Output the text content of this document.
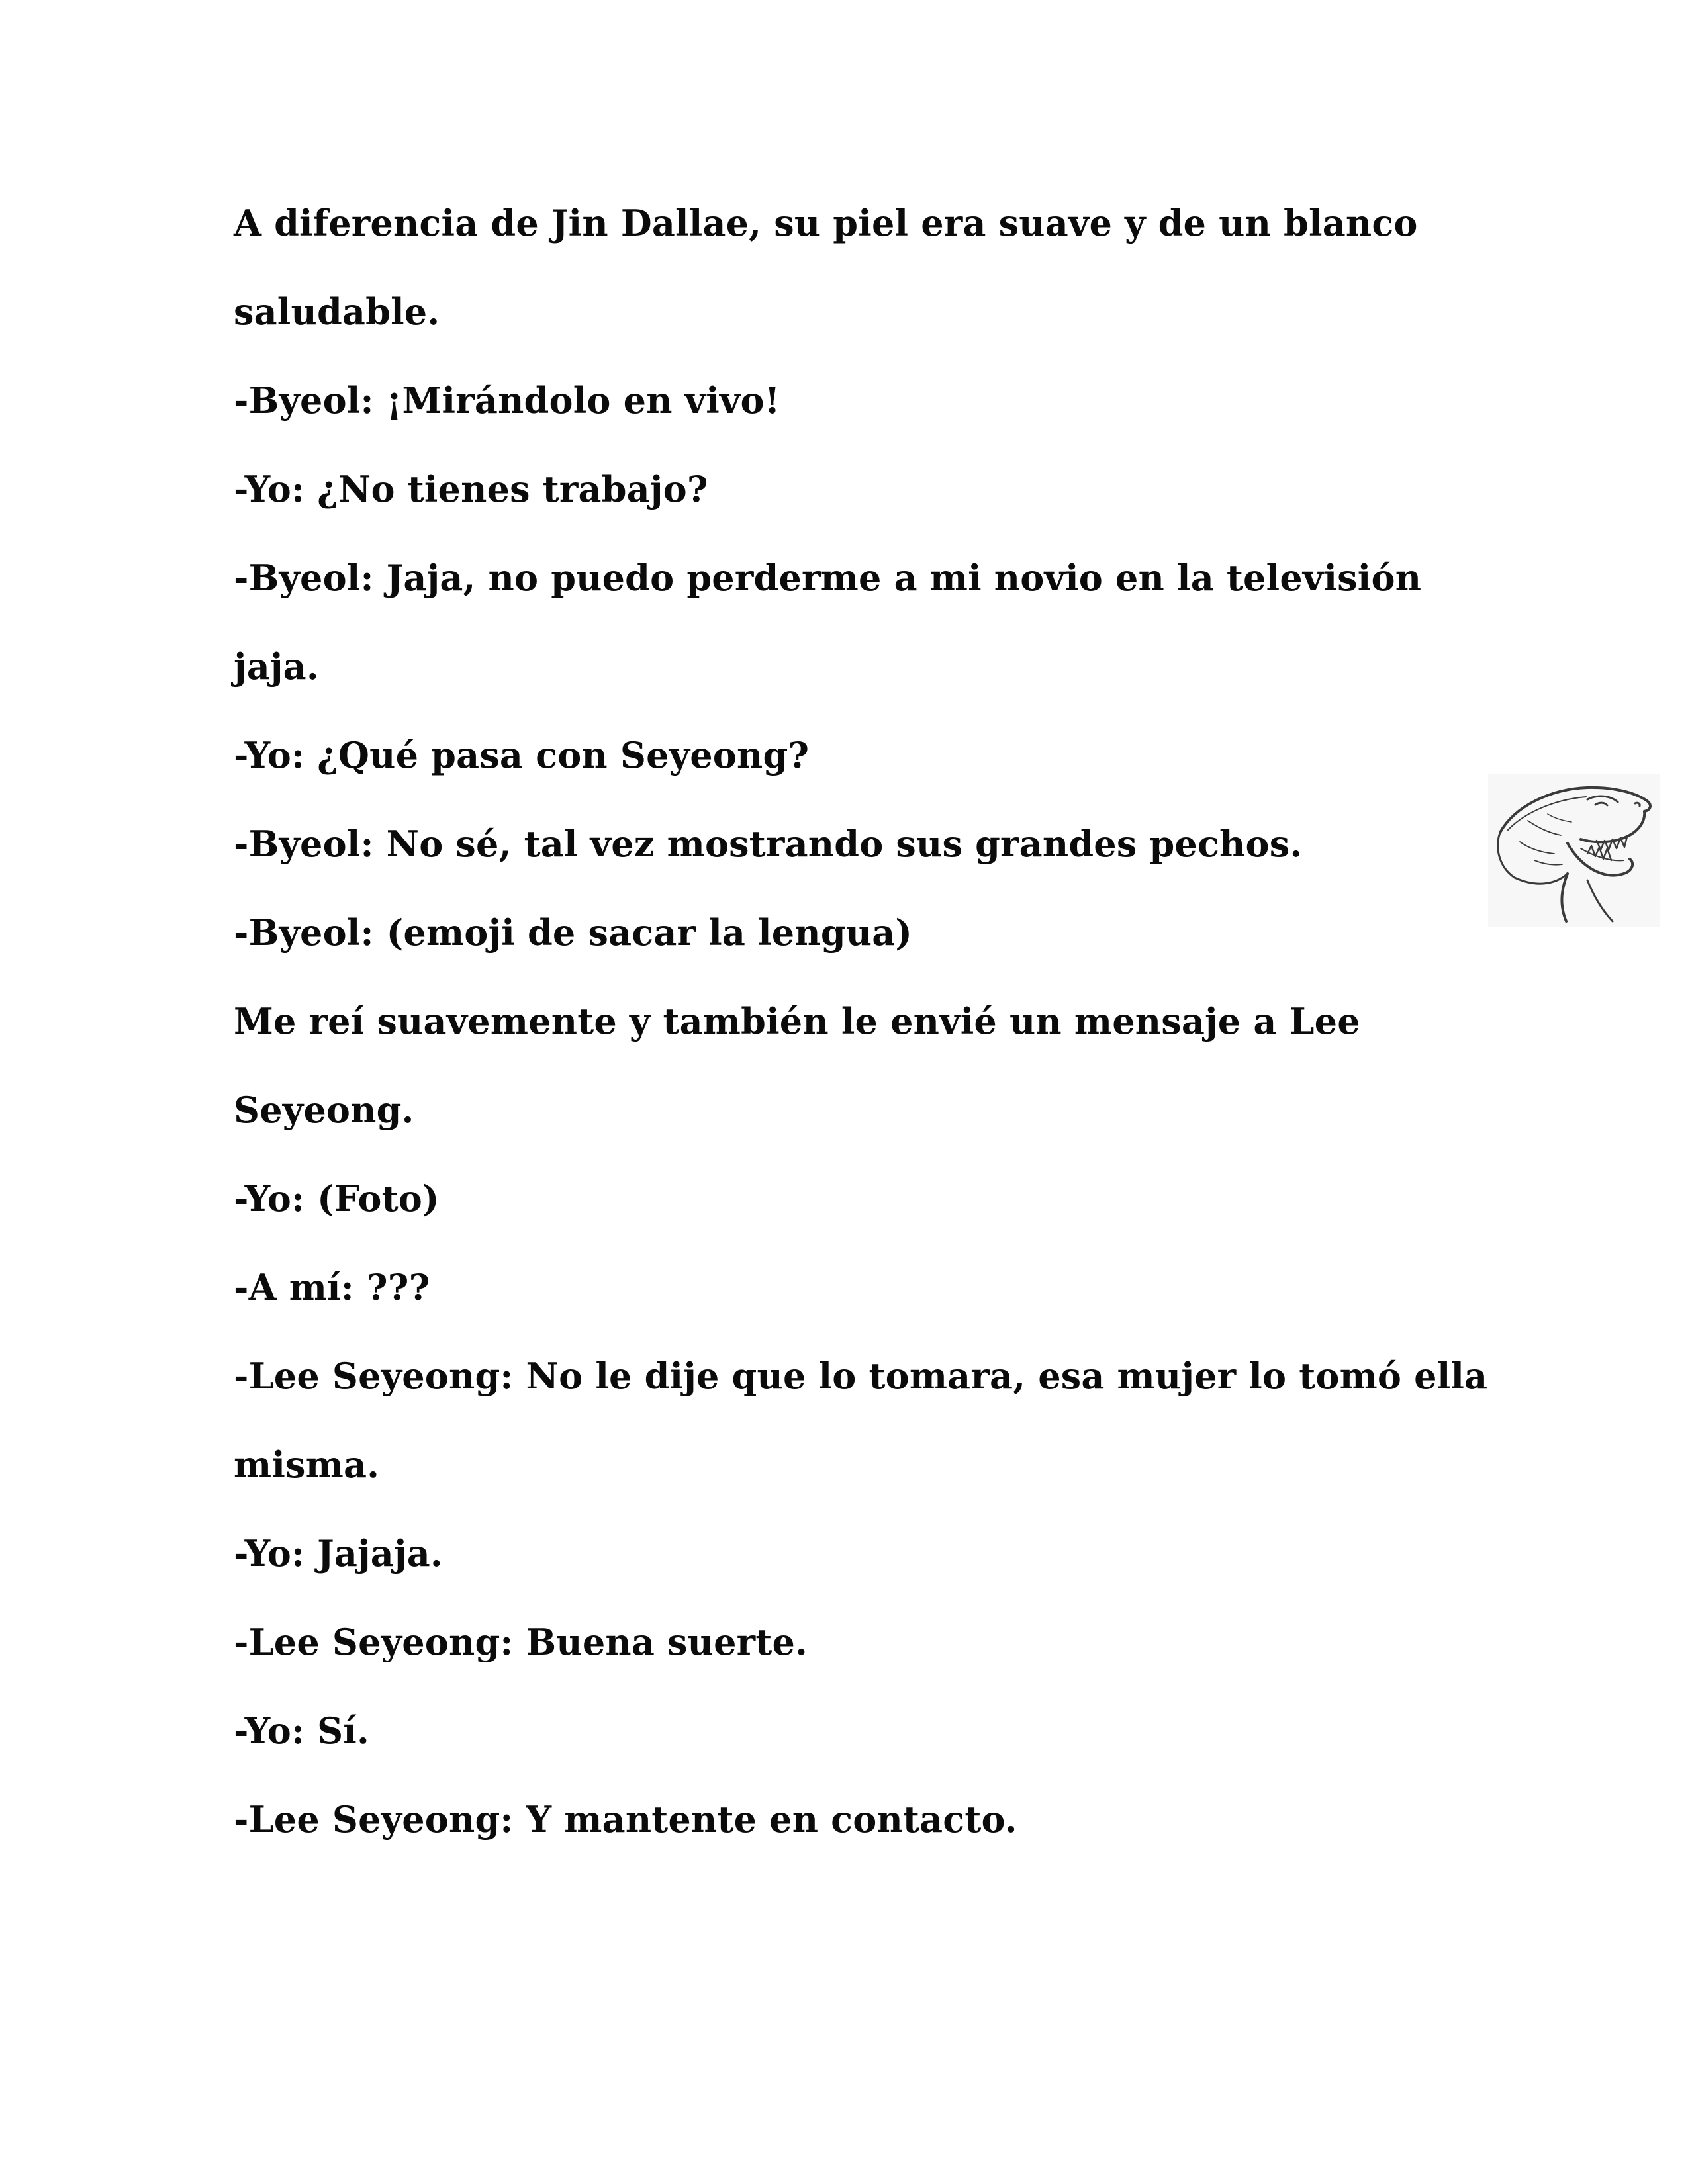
A diferencia de Jin Dallae, su piel era suave y de un blanco
saludable.
-Byeol: ¡Mirándolo en vivo!
-Yo: ¿No tienes trabajo?
-Byeol: Jaja, no puedo perderme a mi novio en la televisión
jaja.
-Yo: ¿Qué pasa con Seyeong?
-Byeol: No sé, tal vez mostrando sus grandes pechos.
-Byeol: (emoji de sacar la lengua)
Me reí suavemente y también le envié un mensaje a Lee
Seyeong.
-Yo: (Foto)
-A mí: ???
-Lee Seyeong: No le dije que lo tomara, esa mujer lo tomó ella
misma.
-Yo: Jajaja.
-Lee Seyeong: Buena suerte.
-Yo: Sí.
-Lee Seyeong: Y mantente en contacto.
